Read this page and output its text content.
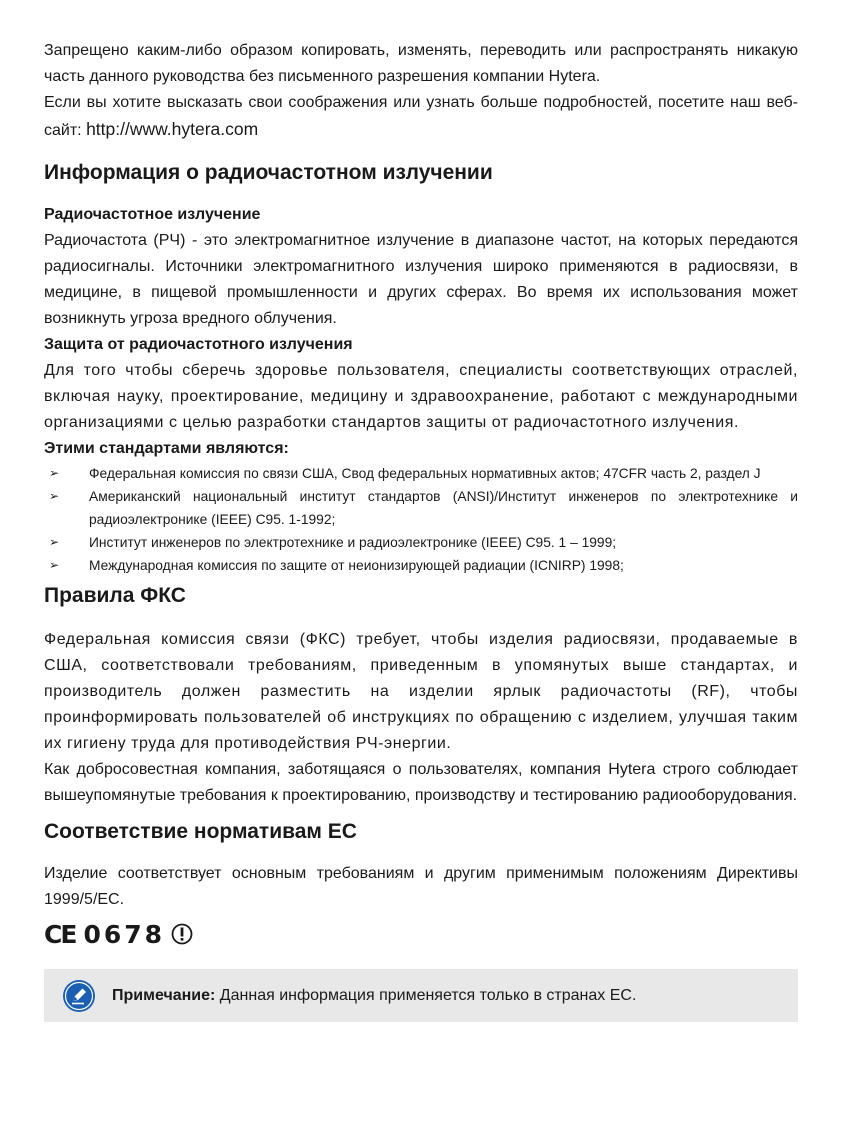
Запрещено каким-либо образом копировать, изменять, переводить или распространять никакую часть данного руководства без письменного разрешения компании Hytera.

Если вы хотите высказать свои соображения или узнать больше подробностей, посетите наш веб-сайт: http://www.hytera.com

Информация о радиочастотном излучении
Радиочастотное излучение

Радиочастота (РЧ) - это электромагнитное излучение в диапазоне частот, на которых передаются радиосигналы. Источники электромагнитного излучения широко применяются в радиосвязи, в медицине, в пищевой промышленности и других сферах. Во время их использования может возникнуть угроза вредного облучения.

Защита от радиочастотного излучения

Для того чтобы сберечь здоровье пользователя, специалисты соответствующих отраслей, включая науку, проектирование, медицину и здравоохранение, работают с международными организациями с целью разработки стандартов защиты от радиочастотного излучения.

Этими стандартами являются:
➢ Федеральная комиссия по связи США, Свод федеральных нормативных актов; 47CFR часть 2, раздел J
➢ Американский национальный институт стандартов (ANSI)/Институт инженеров по электротехнике и радиоэлектронике (IEEE) C95. 1-1992;
➢ Институт инженеров по электротехнике и радиоэлектронике (IEEE) C95. 1 – 1999;
➢ Международная комиссия по защите от неионизирующей радиации (ICNIRP) 1998;
Правила ФКС

Федеральная комиссия связи (ФКС) требует, чтобы изделия радиосвязи, продаваемые в США, соответствовали требованиям, приведенным в упомянутых выше стандартах, и производитель должен разместить на изделии ярлык радиочастоты (RF), чтобы проинформировать пользователей об инструкциях по обращению с изделием, улучшая таким их гигиену труда для противодействия РЧ-энергии.

Как добросовестная компания, заботящаяся о пользователях, компания Hytera строго соблюдает вышеупомянутые требования к проектированию, производству и тестированию радиооборудования.

Соответствие нормативам ЕС

Изделие соответствует основным требованиям и другим применимым положениям Директивы 1999/5/EC.

CE 0678
Примечание: Данная информация применяется только в странах ЕС.
